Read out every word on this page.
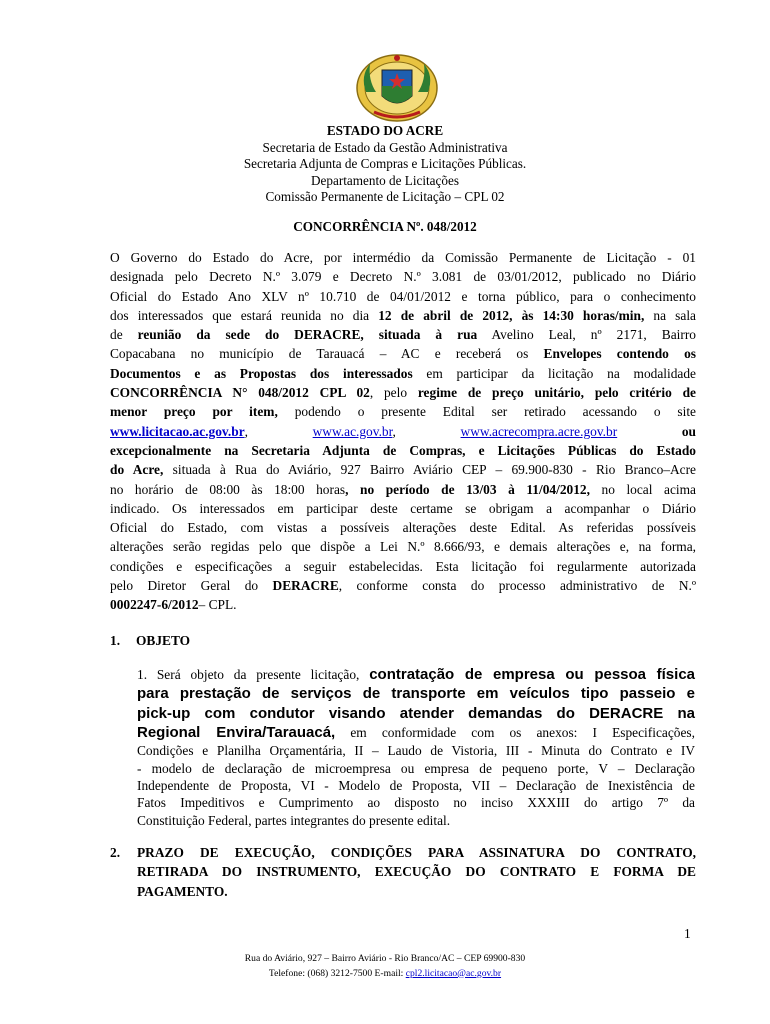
ESTADO DO ACRE
Secretaria de Estado da Gestão Administrativa
Secretaria Adjunta de Compras e Licitações Públicas.
Departamento de Licitações
Comissão Permanente de Licitação – CPL 02
CONCORRÊNCIA Nº. 048/2012
O Governo do Estado do Acre, por intermédio da Comissão Permanente de Licitação - 01
designada pelo Decreto N.º 3.079 e Decreto N.º 3.081 de 03/01/2012, publicado no Diário
Oficial do Estado Ano XLV nº 10.710 de 04/01/2012 e torna público, para o conhecimento
dos interessados que estará reunida no dia 12 de abril de 2012, às 14:30 horas/min, na sala
de reunião da sede do DERACRE, situada à rua Avelino Leal, nº 2171, Bairro
Copacabana no município de Tarauacá – AC e receberá os Envelopes contendo os
Documentos e as Propostas dos interessados em participar da licitação na modalidade
CONCORRÊNCIA N° 048/2012 CPL 02, pelo regime de preço unitário, pelo critério de
menor preço por item, podendo o presente Edital ser retirado acessando o site
www.licitacao.ac.gov.br,	www.ac.gov.br,	www.acrecompra.acre.gov.br	ou
excepcionalmente na Secretaria Adjunta de Compras, e Licitações Públicas do Estado
do Acre, situada à Rua do Aviário, 927 Bairro Aviário CEP – 69.900-830 - Rio Branco–Acre
no horário de 08:00 às 18:00 horas, no período de 13/03 à 11/04/2012, no local acima
indicado. Os interessados em participar deste certame se obrigam a acompanhar o Diário
Oficial do Estado, com vistas a possíveis alterações deste Edital. As referidas possíveis
alterações serão regidas pelo que dispõe a Lei N.º 8.666/93, e demais alterações e, na forma,
condições e especificações a seguir estabelecidas. Esta licitação foi regularmente autorizada
pelo Diretor Geral do DERACRE, conforme consta do processo administrativo de N.º
0002247-6/2012– CPL.
1. OBJETO
1. Será objeto da presente licitação, contratação de empresa ou pessoa física
para prestação de serviços de transporte em veículos tipo passeio e
pick-up com condutor visando atender demandas do DERACRE na
Regional Envira/Tarauacá, em conformidade com os anexos: I Especificações,
Condições e Planilha Orçamentária, II – Laudo de Vistoria, III - Minuta do Contrato e IV
- modelo de declaração de microempresa ou empresa de pequeno porte, V – Declaração
Independente de Proposta, VI - Modelo de Proposta, VII – Declaração de Inexistência de
Fatos Impeditivos e Cumprimento ao disposto no inciso XXXIII do artigo 7º da
Constituição Federal, partes integrantes do presente edital.
2. PRAZO DE EXECUÇÃO, CONDIÇÕES PARA ASSINATURA DO CONTRATO,
RETIRADA DO INSTRUMENTO, EXECUÇÃO DO CONTRATO E FORMA DE
PAGAMENTO.
1
Rua do Aviário, 927 – Bairro Aviário - Rio Branco/AC – CEP 69900-830
Telefone: (068) 3212-7500 E-mail: cpl2.licitacao@ac.gov.br
